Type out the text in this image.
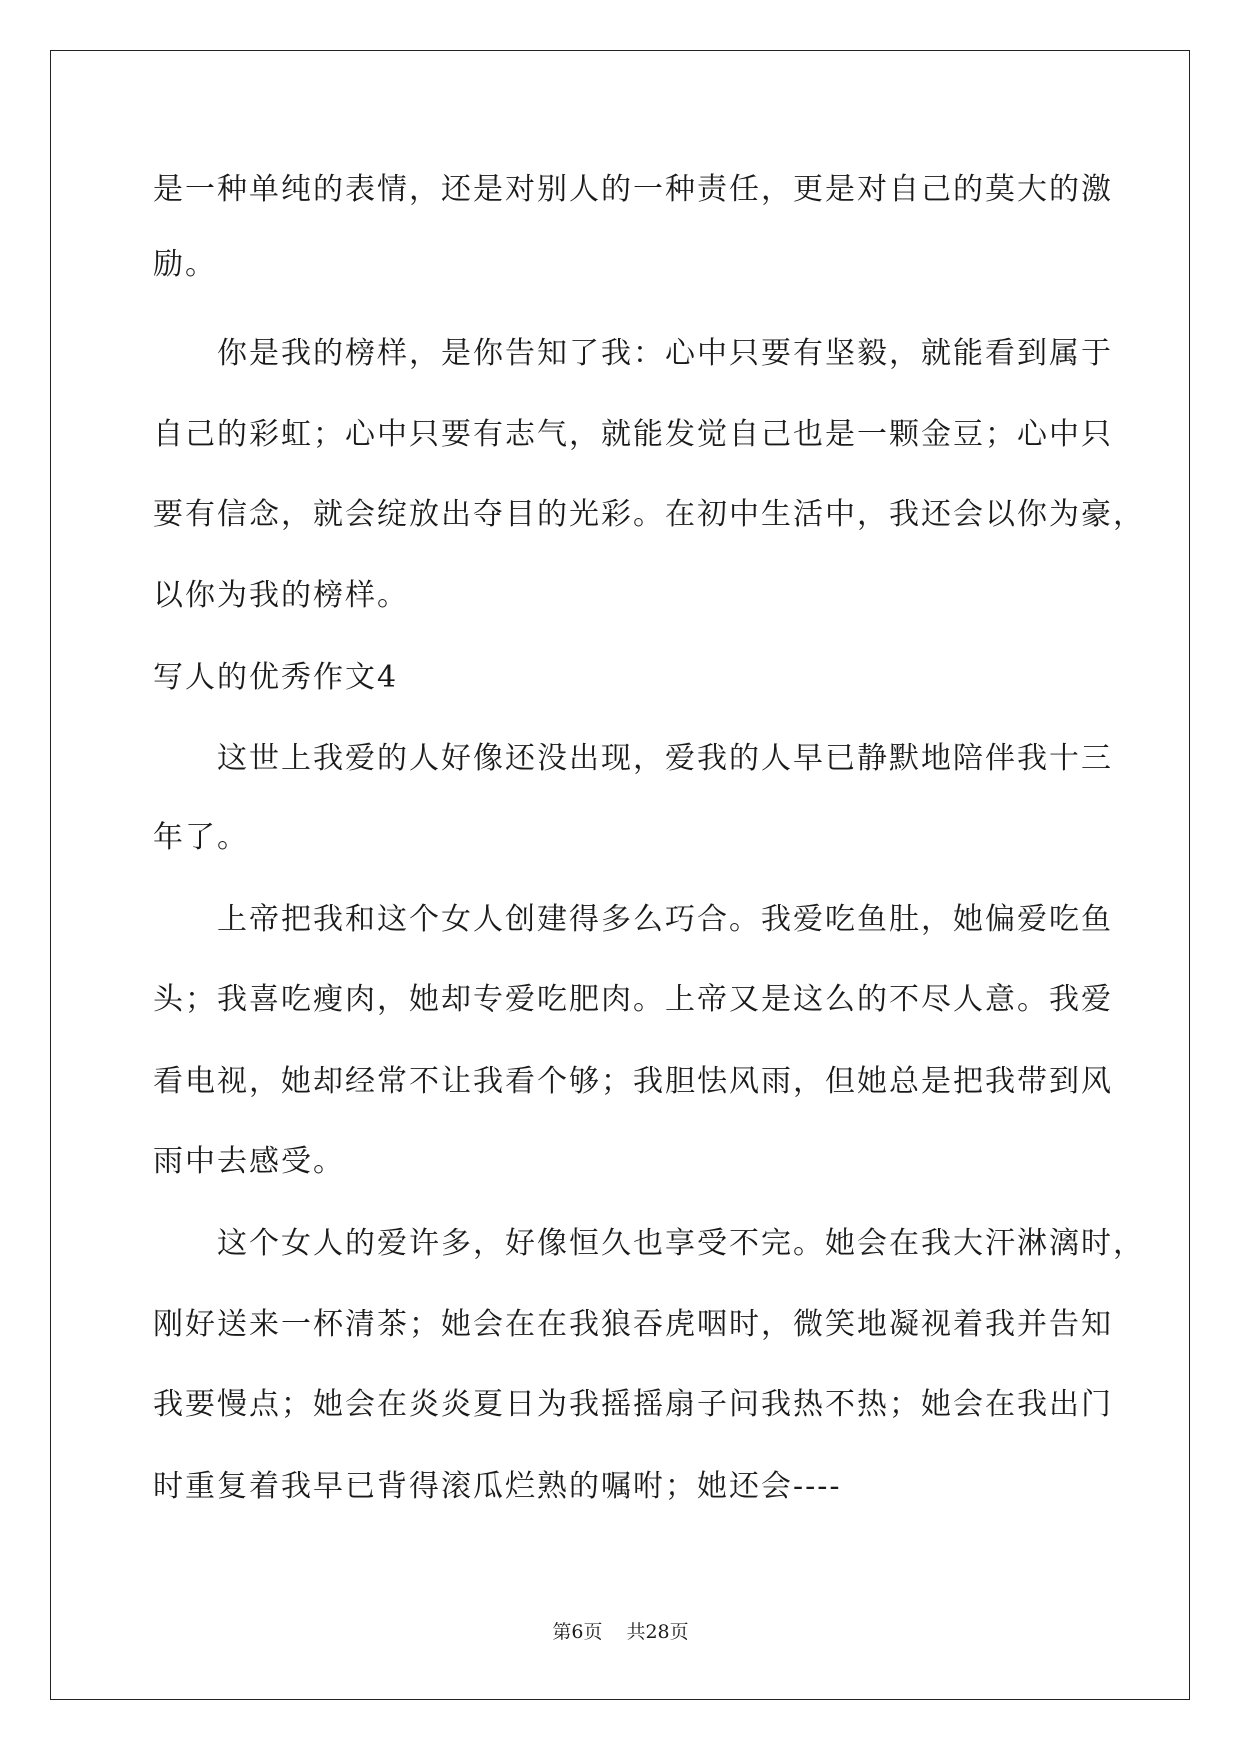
是一种单纯的表情，还是对别人的一种责任，更是对自己的莫大的激
励。
　　你是我的榜样，是你告知了我：心中只要有坚毅，就能看到属于
自己的彩虹；心中只要有志气，就能发觉自己也是一颗金豆；心中只
要有信念，就会绽放出夺目的光彩。在初中生活中，我还会以你为豪，
以你为我的榜样。
写人的优秀作文4
　　这世上我爱的人好像还没出现，爱我的人早已静默地陪伴我十三
年了。
　　上帝把我和这个女人创建得多么巧合。我爱吃鱼肚，她偏爱吃鱼
头；我喜吃瘦肉，她却专爱吃肥肉。上帝又是这么的不尽人意。我爱
看电视，她却经常不让我看个够；我胆怯风雨，但她总是把我带到风
雨中去感受。
　　这个女人的爱许多，好像恒久也享受不完。她会在我大汗淋漓时，
刚好送来一杯清茶；她会在在我狼吞虎咽时，微笑地凝视着我并告知
我要慢点；她会在炎炎夏日为我摇摇扇子问我热不热；她会在我出门
时重复着我早已背得滚瓜烂熟的嘱咐；她还会----
第6页 共28页
